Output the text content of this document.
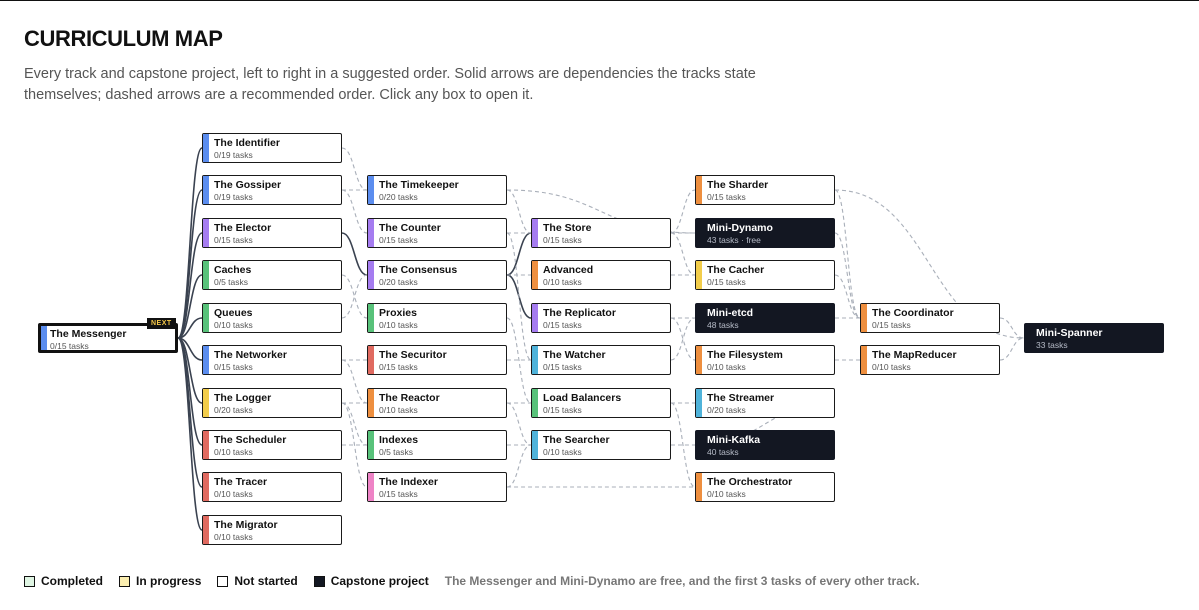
CURRICULUM MAP
Every track and capstone project, left to right in a suggested order. Solid arrows are dependencies the tracks state themselves; dashed arrows are a recommended order. Click any box to open it.
The Messenger
0/15 tasks
The Identifier
0/19 tasks
The Gossiper
0/19 tasks
The Elector
0/15 tasks
Caches
0/5 tasks
Queues
0/10 tasks
The Networker
0/15 tasks
The Logger
0/20 tasks
The Scheduler
0/10 tasks
The Tracer
0/10 tasks
The Migrator
0/10 tasks
The Timekeeper
0/20 tasks
The Counter
0/15 tasks
The Consensus
0/20 tasks
Proxies
0/10 tasks
The Securitor
0/15 tasks
The Reactor
0/10 tasks
Indexes
0/5 tasks
The Indexer
0/15 tasks
The Store
0/15 tasks
Advanced
0/10 tasks
The Replicator
0/15 tasks
The Watcher
0/15 tasks
Load Balancers
0/15 tasks
The Searcher
0/10 tasks
The Sharder
0/15 tasks
Mini-Dynamo
43 tasks · free
The Cacher
0/15 tasks
Mini-etcd
48 tasks
The Filesystem
0/10 tasks
The Streamer
0/20 tasks
Mini-Kafka
40 tasks
The Orchestrator
0/10 tasks
The Coordinator
0/15 tasks
The MapReducer
0/10 tasks
Mini-Spanner
33 tasks
NEXT
Completed	In progress	Not started	Capstone project The Messenger and Mini-Dynamo are free, and the first 3 tasks of every other track.
